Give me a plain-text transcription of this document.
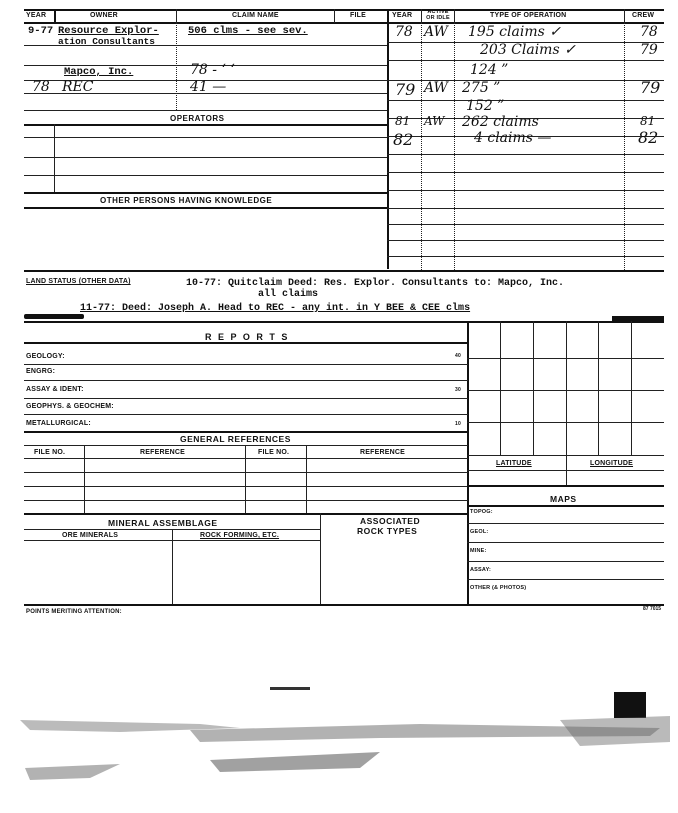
YEAR	OWNER	CLAIM NAME	FILE	YEAR	ACTIVE OR IDLE	TYPE OF OPERATION	CREW
9-77 Resource Explor-	506 clms - see sev.
ation Consultants
Mapco, Inc.	78 - ‘ ‘
78 REC	41 —
OPERATORS
OTHER PERSONS HAVING KNOWLEDGE
78 AW 195 claims ✓	78
203 Claims ✓	79
124 ”
79 AW 275 ”	79
152 ”
81 AW 262 claims	81
82	4 claims —	82
LAND STATUS (OTHER DATA)	10-77: Quitclaim Deed: Res. Explor. Consultants to: Mapco, Inc.
all claims
11-77: Deed: Joseph A. Head to REC - any int. in Y BEE & CEE clms
R E P O R T S
GEOLOGY:	40
ENGRG:
ASSAY & IDENT:	30
GEOPHYS. & GEOCHEM:
METALLURGICAL:	10
GENERAL REFERENCES
FILE NO.	REFERENCE	FILE NO.	REFERENCE
MINERAL ASSEMBLAGE
ORE MINERALS	ROCK FORMING, ETC.
ASSOCIATED
ROCK TYPES
LATITUDE	LONGITUDE
MAPS
TOPOG:
GEOL:
MINE:
ASSAY:
OTHER (& PHOTOS)
POINTS MERITING ATTENTION:	87 7015
